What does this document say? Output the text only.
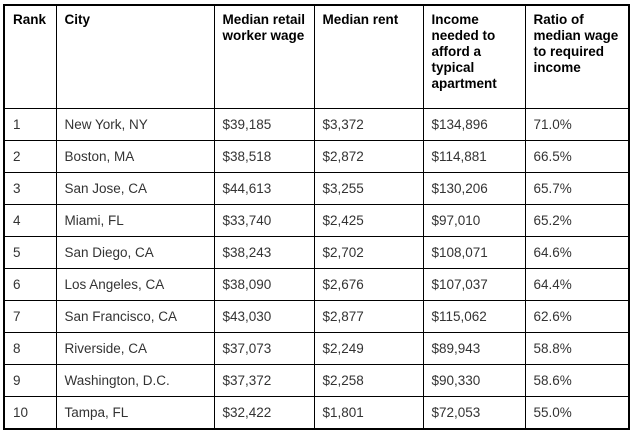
Rank	City	Median retail worker wage	Median rent	Income needed to afford a typical apartment	Ratio of median wage to required income
1	New York, NY	$39,185	$3,372	$134,896	71.0%
2	Boston, MA	$38,518	$2,872	$114,881	66.5%
3	San Jose, CA	$44,613	$3,255	$130,206	65.7%
4	Miami, FL	$33,740	$2,425	$97,010	65.2%
5	San Diego, CA	$38,243	$2,702	$108,071	64.6%
6	Los Angeles, CA	$38,090	$2,676	$107,037	64.4%
7	San Francisco, CA	$43,030	$2,877	$115,062	62.6%
8	Riverside, CA	$37,073	$2,249	$89,943	58.8%
9	Washington, D.C.	$37,372	$2,258	$90,330	58.6%
10	Tampa, FL	$32,422	$1,801	$72,053	55.0%
